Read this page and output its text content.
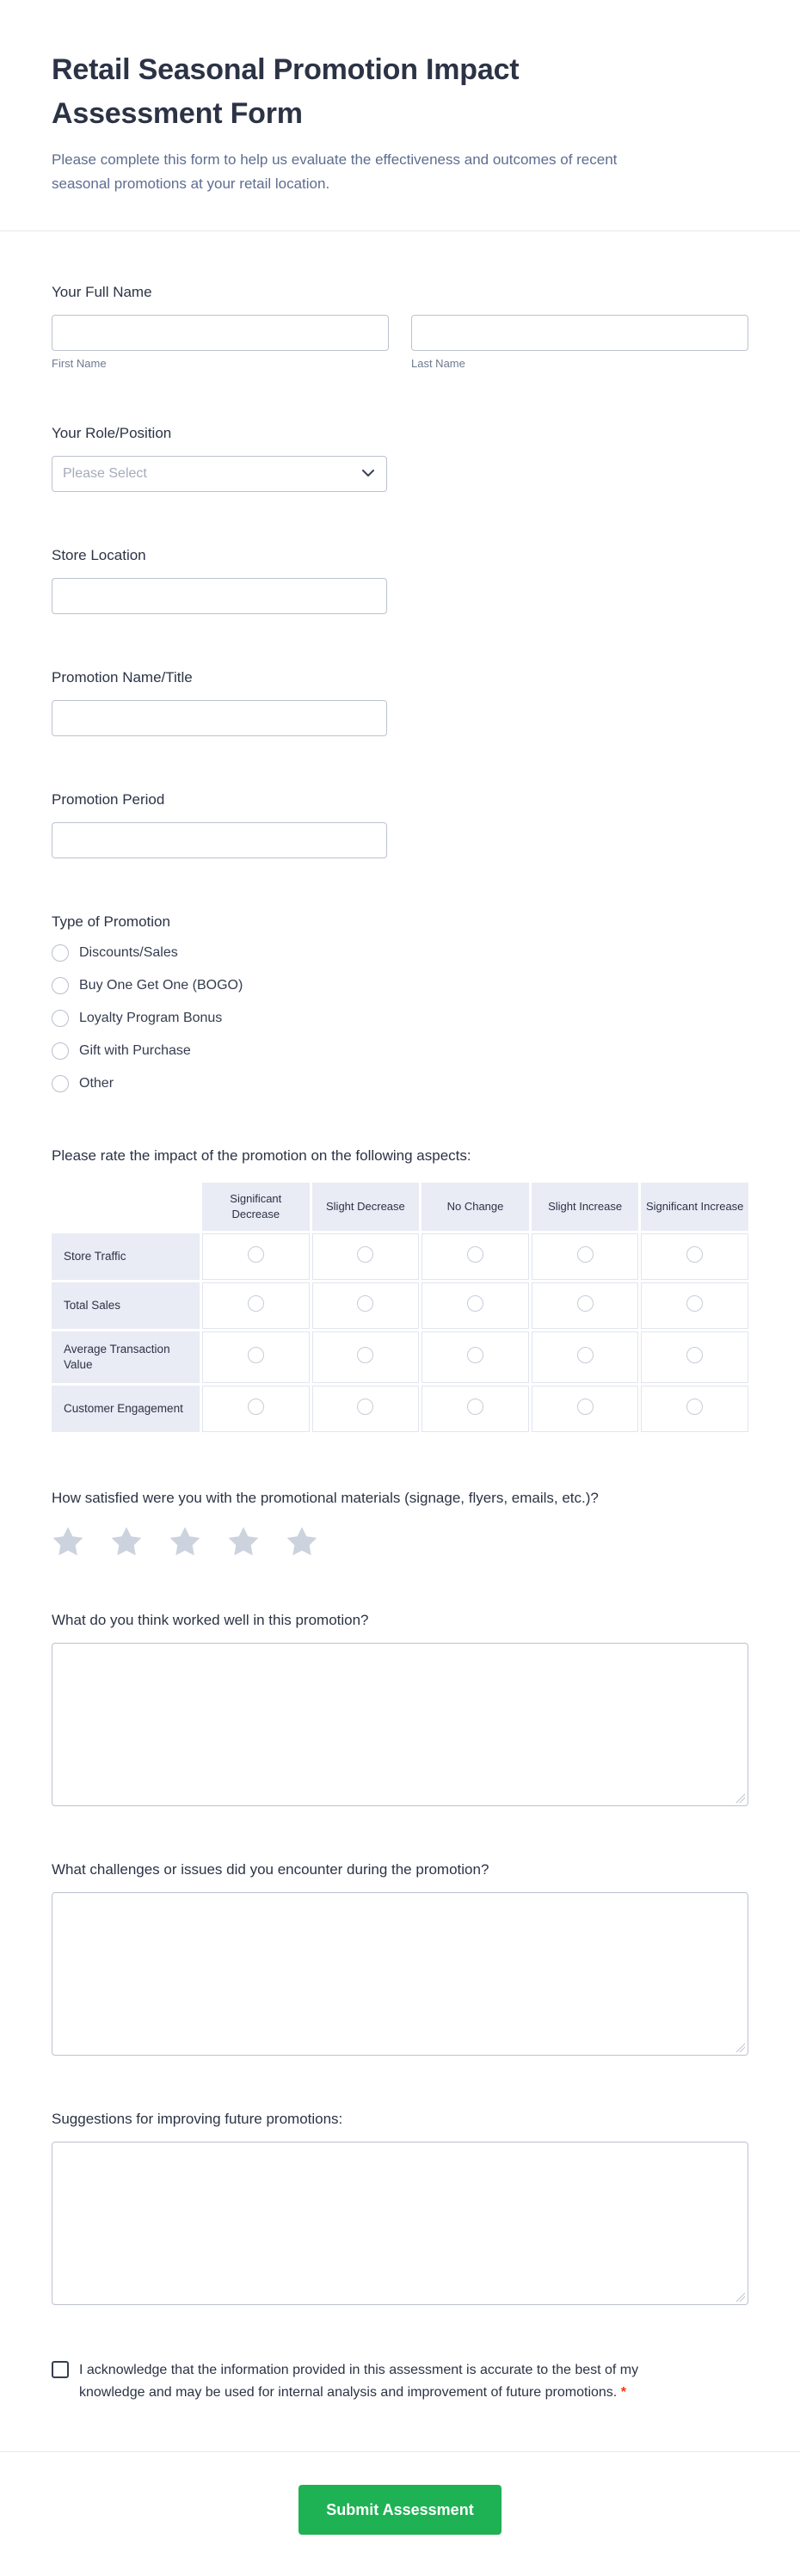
Retail Seasonal Promotion Impact Assessment Form

Please complete this form to help us evaluate the effectiveness and outcomes of recent seasonal promotions at your retail location.

Your Full Name
First Name	Last Name
Your Role/Position
Please Select
Store Location
Promotion Name/Title
Promotion Period
Type of Promotion
Discounts/Sales
Buy One Get One (BOGO)
Loyalty Program Bonus
Gift with Purchase
Other
Please rate the impact of the promotion on the following aspects:
	Significant Decrease	Slight Decrease	No Change	Slight Increase	Significant Increase
Store Traffic					
Total Sales					
Average Transaction Value					
Customer Engagement					
How satisfied were you with the promotional materials (signage, flyers, emails, etc.)?
What do you think worked well in this promotion?
What challenges or issues did you encounter during the promotion?
Suggestions for improving future promotions:
I acknowledge that the information provided in this assessment is accurate to the best of my knowledge and may be used for internal analysis and improvement of future promotions. *
Submit Assessment
